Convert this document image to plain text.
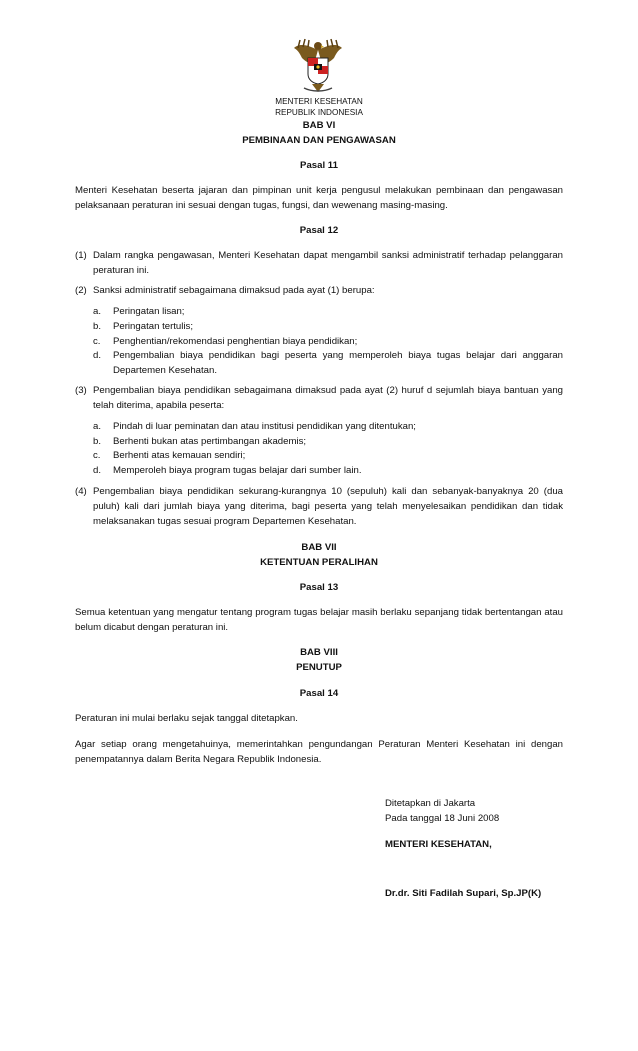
MENTERI KESEHATAN
REPUBLIK INDONESIA
BAB VI
PEMBINAAN DAN PENGAWASAN
Pasal 11
Menteri Kesehatan beserta jajaran dan pimpinan unit kerja pengusul melakukan pembinaan dan pengawasan pelaksanaan peraturan ini sesuai dengan tugas, fungsi, dan wewenang masing-masing.
Pasal 12
(1) Dalam rangka pengawasan, Menteri Kesehatan dapat mengambil sanksi administratif terhadap pelanggaran peraturan ini.
(2) Sanksi administratif sebagaimana dimaksud pada ayat (1) berupa:
a. Peringatan lisan;
b. Peringatan tertulis;
c. Penghentian/rekomendasi penghentian biaya pendidikan;
d. Pengembalian biaya pendidikan bagi peserta yang memperoleh biaya tugas belajar dari anggaran Departemen Kesehatan.
(3) Pengembalian biaya pendidikan sebagaimana dimaksud pada ayat (2) huruf d sejumlah biaya bantuan yang telah diterima, apabila peserta:
a. Pindah di luar peminatan dan atau institusi pendidikan yang ditentukan;
b. Berhenti bukan atas pertimbangan akademis;
c. Berhenti atas kemauan sendiri;
d. Memperoleh biaya program tugas belajar dari sumber lain.
(4) Pengembalian biaya pendidikan sekurang-kurangnya 10 (sepuluh) kali dan sebanyak-banyaknya 20 (dua puluh) kali dari jumlah biaya yang diterima, bagi peserta yang telah menyelesaikan pendidikan dan tidak melaksanakan tugas sesuai program Departemen Kesehatan.
BAB VII
KETENTUAN PERALIHAN
Pasal 13
Semua ketentuan yang mengatur tentang program tugas belajar masih berlaku sepanjang tidak bertentangan atau belum dicabut dengan peraturan ini.
BAB VIII
PENUTUP
Pasal 14
Peraturan ini mulai berlaku sejak tanggal ditetapkan.
Agar setiap orang mengetahuinya, memerintahkan pengundangan Peraturan Menteri Kesehatan ini dengan penempatannya dalam Berita Negara Republik Indonesia.
Ditetapkan di Jakarta
Pada tanggal 18 Juni 2008
MENTERI KESEHATAN,
Dr.dr. Siti Fadilah Supari, Sp.JP(K)
